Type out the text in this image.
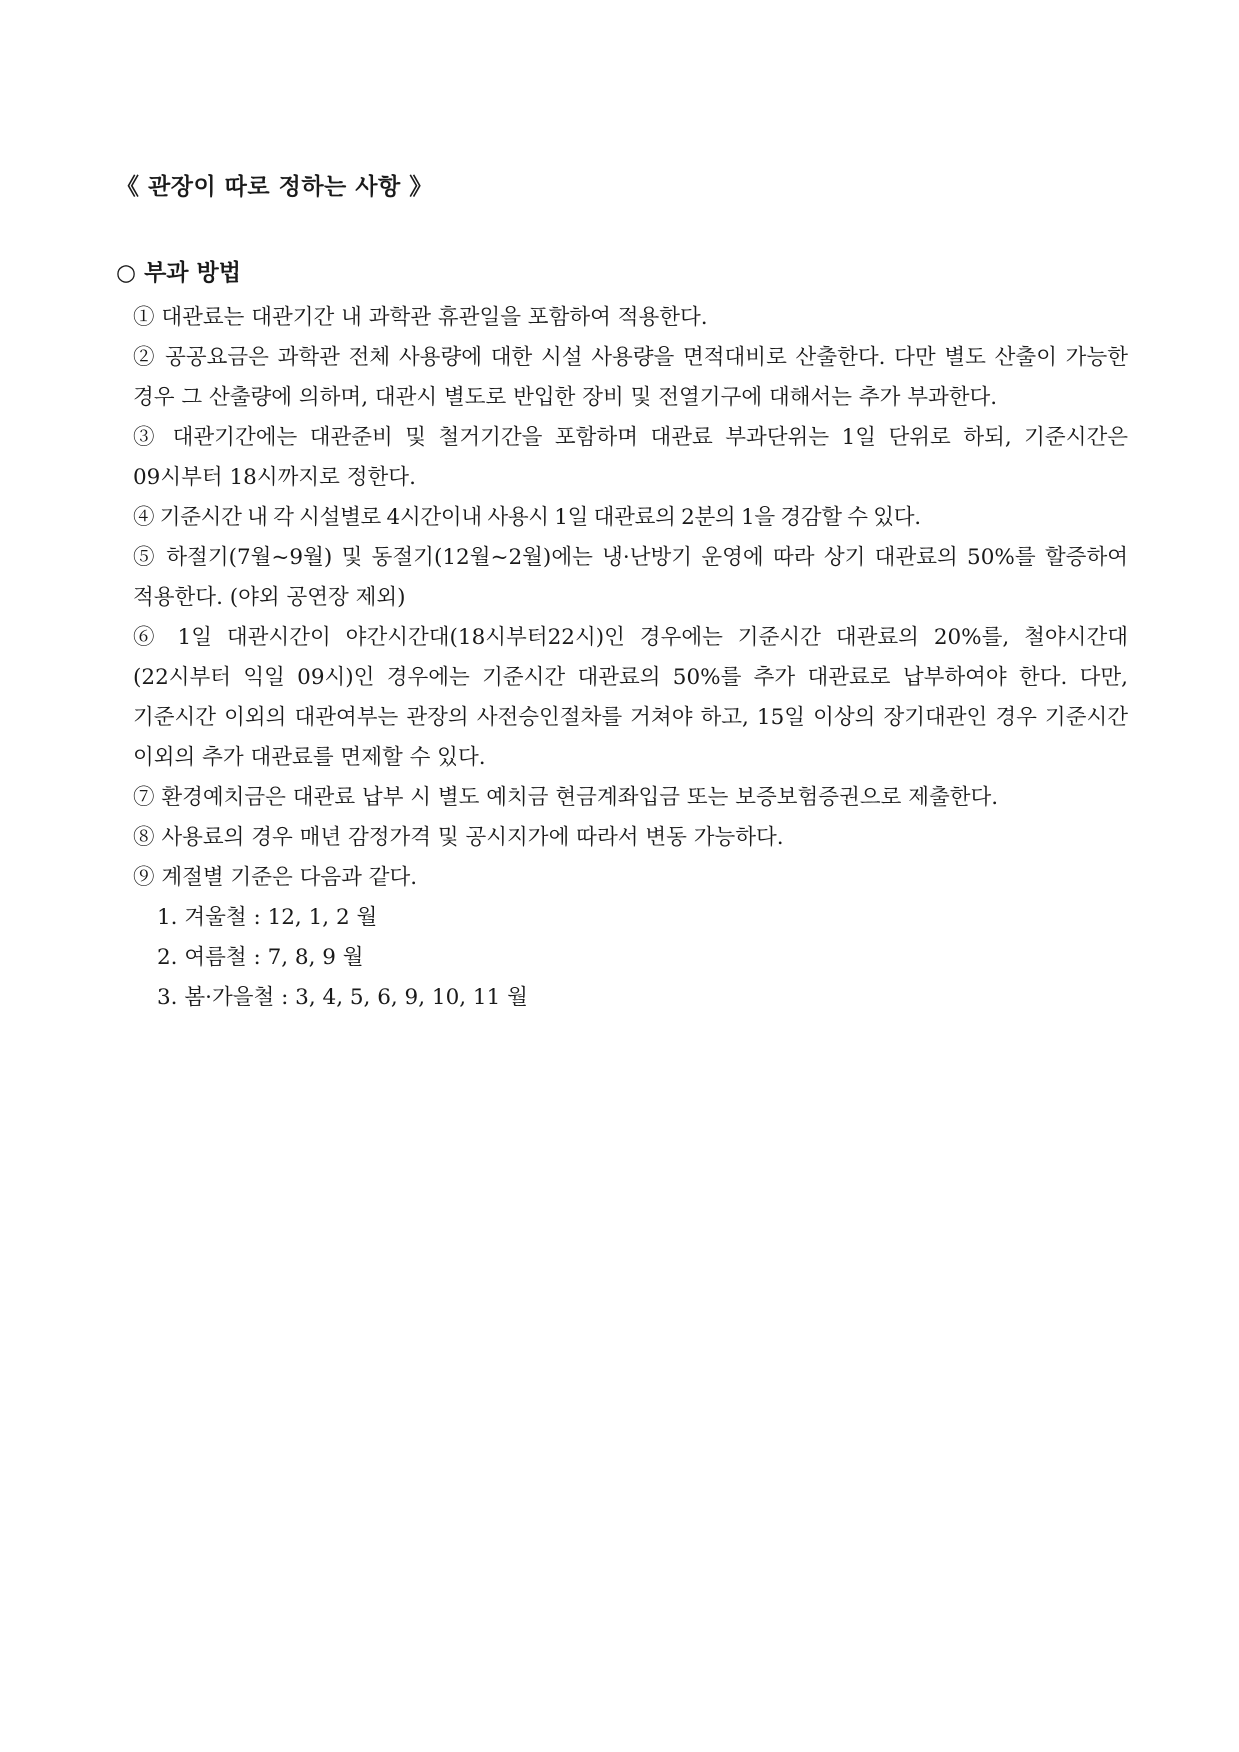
《 관장이 따로 정하는 사항 》
○ 부과 방법

① 대관료는 대관기간 내 과학관 휴관일을 포함하여 적용한다.

② 공공요금은 과학관 전체 사용량에 대한 시설 사용량을 면적대비로 산출한다. 다만 별도 산출이 가능한 경우 그 산출량에 의하며, 대관시 별도로 반입한 장비 및 전열기구에 대해서는 추가 부과한다.

③ 대관기간에는 대관준비 및 철거기간을 포함하며 대관료 부과단위는 1일 단위로 하되, 기준시간은 09시부터 18시까지로 정한다.

④ 기준시간 내 각 시설별로 4시간이내 사용시 1일 대관료의 2분의 1을 경감할 수 있다.

⑤ 하절기(7월~9월) 및 동절기(12월~2월)에는 냉·난방기 운영에 따라 상기 대관료의 50%를 할증하여 적용한다. (야외 공연장 제외)

⑥ 1일 대관시간이 야간시간대(18시부터22시)인 경우에는 기준시간 대관료의 20%를, 철야시간대(22시부터 익일 09시)인 경우에는 기준시간 대관료의 50%를 추가 대관료로 납부하여야 한다. 다만, 기준시간 이외의 대관여부는 관장의 사전승인절차를 거쳐야 하고, 15일 이상의 장기대관인 경우 기준시간 이외의 추가 대관료를 면제할 수 있다.

⑦ 환경예치금은 대관료 납부 시 별도 예치금 현금계좌입금 또는 보증보험증권으로 제출한다.

⑧ 사용료의 경우 매년 감정가격 및 공시지가에 따라서 변동 가능하다.

⑨ 계절별 기준은 다음과 같다.

1. 겨울철 : 12, 1, 2 월

2. 여름철 : 7, 8, 9 월

3. 봄·가을철 : 3, 4, 5, 6, 9, 10, 11 월
